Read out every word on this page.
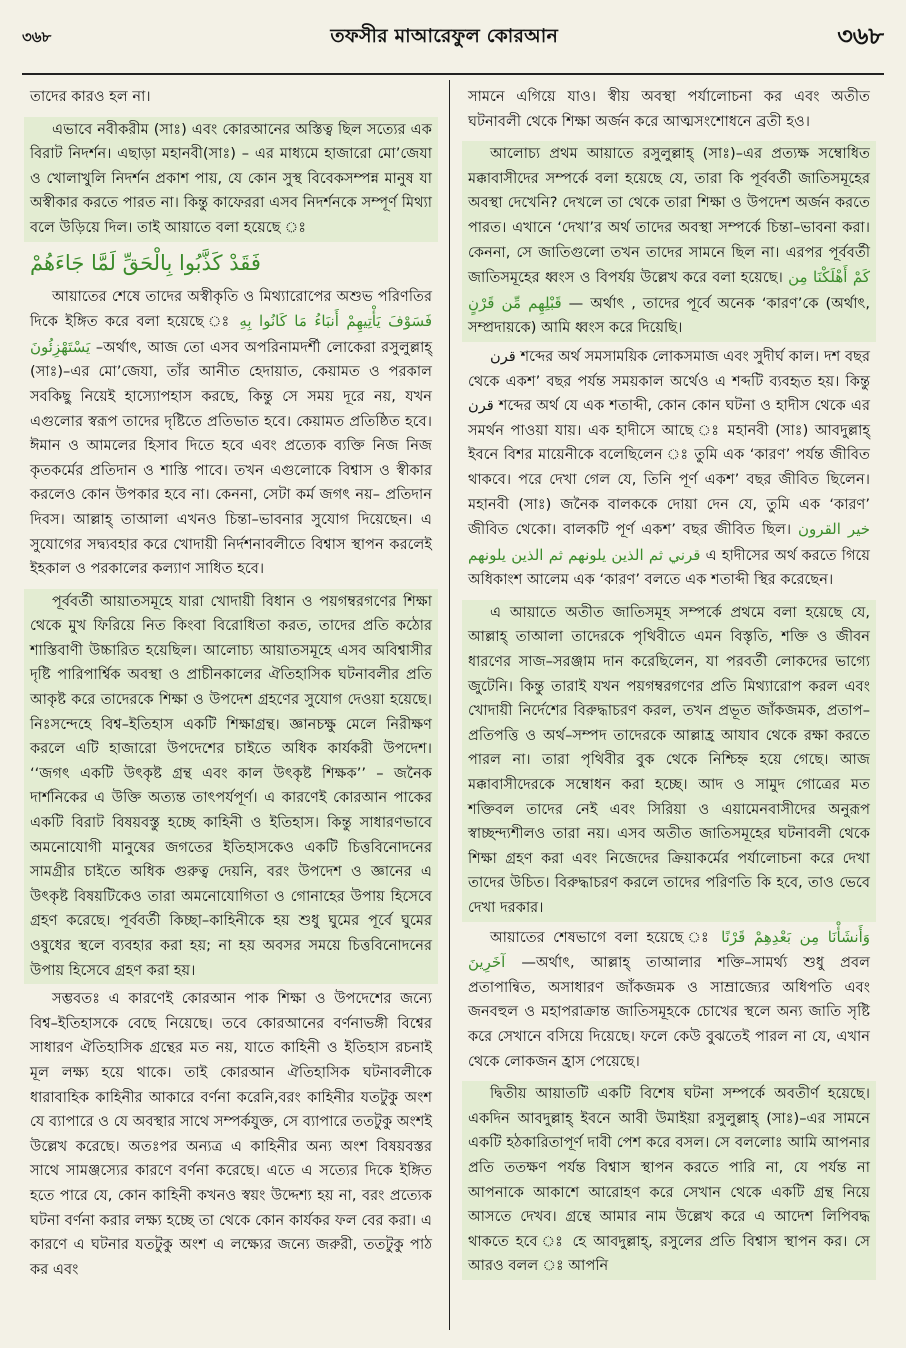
৩৬৮	তফসীর মাআরেফুল কোরআন	৩৬৮

তাদের কারও হল না।

এভাবে নবীকরীম (সাঃ) এবং কোরআনের অস্তিত্ব ছিল সত্যের এক বিরাট নিদর্শন। এছাড়া মহানবী(সাঃ) – এর মাধ্যমে হাজারো মো’জেযা ও খোলাখুলি নিদর্শন প্রকাশ পায়, যে কোন সুস্থ বিবেকসম্পন্ন মানুষ যা অস্বীকার করতে পারত না। কিন্তু কাফেররা এসব নিদর্শনকে সম্পূর্ণ মিথ্যা বলে উড়িয়ে দিল। তাই আয়াতে বলা হয়েছে ঃ

فَقَدْ كَذَّبُوا بِالْحَقِّ لَمَّا جَاءَهُمْ

আয়াতের শেষে তাদের অস্বীকৃতি ও মিথ্যারোপের অশুভ পরিণতির দিকে ইঙ্গিত করে বলা হয়েছে ঃ فَسَوْفَ يَأْتِيهِمْ أَنبَاءُ مَا كَانُوا بِهِ يَسْتَهْزِئُونَ –অর্থাৎ, আজ তো এসব অপরিনামদর্শী লোকেরা রসুলুল্লাহ্ (সাঃ)–এর মো’জেযা, তাঁর আনীত হেদায়াত, কেয়ামত ও পরকাল সবকিছু নিয়েই হাস্যোপহাস করছে, কিন্তু সে সময় দূরে নয়, যখন এগুলোর স্বরূপ তাদের দৃষ্টিতে প্রতিভাত হবে। কেয়ামত প্রতিষ্ঠিত হবে। ঈমান ও আমলের হিসাব দিতে হবে এবং প্রত্যেক ব্যক্তি নিজ নিজ কৃতকর্মের প্রতিদান ও শাস্তি পাবে। তখন এগুলোকে বিশ্বাস ও স্বীকার করলেও কোন উপকার হবে না। কেননা, সেটা কর্ম জগৎ নয়– প্রতিদান দিবস। আল্লাহ্ তাআলা এখনও চিন্তা–ভাবনার সুযোগ দিয়েছেন। এ সুযোগের সদ্ব্যবহার করে খোদায়ী নির্দশনাবলীতে বিশ্বাস স্থাপন করলেই ইহকাল ও পরকালের কল্যাণ সাধিত হবে।

পূর্ববর্তী আয়াতসমূহে যারা খোদায়ী বিধান ও পয়গম্বরগণের শিক্ষা থেকে মুখ ফিরিয়ে নিত কিংবা বিরোধিতা করত, তাদের প্রতি কঠোর শাস্তিবাণী উচ্চারিত হয়েছিল। আলোচ্য আয়াতসমূহে এসব অবিশ্বাসীর দৃষ্টি পারিপার্শ্বিক অবস্থা ও প্রাচীনকালের ঐতিহাসিক ঘটনাবলীর প্রতি আকৃষ্ট করে তাদেরকে শিক্ষা ও উপদেশ গ্রহণের সুযোগ দেওয়া হয়েছে। নিঃসন্দেহে বিশ্ব–ইতিহাস একটি শিক্ষাগ্রন্থ। জ্ঞানচক্ষু মেলে নিরীক্ষণ করলে এটি হাজারো উপদেশের চাইতে অধিক কার্যকরী উপদেশ। ‘‘জগৎ একটি উৎকৃষ্ট গ্রন্থ এবং কাল উৎকৃষ্ট শিক্ষক’’ – জনৈক দার্শনিকের এ উক্তি অত্যন্ত তাৎপর্যপূর্ণ। এ কারণেই কোরআন পাকের একটি বিরাট বিষয়বস্তু হচ্ছে কাহিনী ও ইতিহাস। কিন্তু সাধারণভাবে অমনোযোগী মানুষের জগতের ইতিহাসকেও একটি চিত্তবিনোদনের সামগ্রীর চাইতে অধিক গুরুত্ব দেয়নি, বরং উপদেশ ও জ্ঞানের এ উৎকৃষ্ট বিষয়টিকেও তারা অমনোযোগিতা ও গোনাহের উপায় হিসেবে গ্রহণ করেছে। পূর্ববর্তী কিচ্ছা–কাহিনীকে হয় শুধু ঘুমের পূর্বে ঘুমের ওষুধের স্থলে ব্যবহার করা হয়; না হয় অবসর সময়ে চিত্তবিনোদনের উপায় হিসেবে গ্রহণ করা হয়।

সম্ভবতঃ এ কারণেই কোরআন পাক শিক্ষা ও উপদেশের জন্যে বিশ্ব–ইতিহাসকে বেছে নিয়েছে। তবে কোরআনের বর্ণনাভঙ্গী বিশ্বের সাধারণ ঐতিহাসিক গ্রন্থের মত নয়, যাতে কাহিনী ও ইতিহাস রচনাই মূল লক্ষ্য হয়ে থাকে। তাই কোরআন ঐতিহাসিক ঘটনাবলীকে ধারাবাহিক কাহিনীর আকারে বর্ণনা করেনি,বরং কাহিনীর যতটুকু অংশ যে ব্যাপারে ও যে অবস্থার সাথে সম্পর্কযুক্ত, সে ব্যাপারে ততটুকু অংশই উল্লেখ করেছে। অতঃপর অন্যত্র এ কাহিনীর অন্য অংশ বিষয়বস্তর সাথে সামঞ্জস্যের কারণে বর্ণনা করেছে। এতে এ সত্যের দিকে ইঙ্গিত হতে পারে যে, কোন কাহিনী কখনও স্বয়ং উদ্দেশ্য হয় না, বরং প্রত্যেক ঘটনা বর্ণনা করার লক্ষ্য হচ্ছে তা থেকে কোন কার্যকর ফল বের করা। এ কারণে এ ঘটনার যতটুকু অংশ এ লক্ষ্যের জন্যে জরুরী, ততটুকু পাঠ কর এবং

সামনে এগিয়ে যাও। স্বীয় অবস্থা পর্যালোচনা কর এবং অতীত ঘটনাবলী থেকে শিক্ষা অর্জন করে আত্মসংশোধনে ব্রতী হও।

আলোচ্য প্রথম আয়াতে রসুলুল্লাহ্ (সাঃ)–এর প্রত্যক্ষ সম্বোধিত মক্কাবাসীদের সম্পর্কে বলা হয়েছে যে, তারা কি পূর্ববর্তী জাতিসমূহের অবস্থা দেখেনি? দেখলে তা থেকে তারা শিক্ষা ও উপদেশ অর্জন করতে পারত। এখানে ‘দেখা’র অর্থ তাদের অবস্থা সম্পর্কে চিন্তা–ভাবনা করা। কেননা, সে জাতিগুলো তখন তাদের সামনে ছিল না। এরপর পূর্ববর্তী জাতিসমূহের ধ্বংস ও বিপর্যয় উল্লেখ করে বলা হয়েছে। كَمْ أَهْلَكْنَا مِن قَبْلِهِم مِّن قَرْنٍ — অর্থাৎ , তাদের পূর্বে অনেক ‘কারণ’কে (অর্থাৎ, সম্প্রদায়কে) আমি ধ্বংস করে দিয়েছি।

قرن শব্দের অর্থ সমসাময়িক লোকসমাজ এবং সুদীর্ঘ কাল। দশ বছর থেকে একশ’ বছর পর্যন্ত সময়কাল অর্থেও এ শব্দটি ব্যবহৃত হয়। কিন্তু قرن শব্দের অর্থ যে এক শতাব্দী, কোন কোন ঘটনা ও হাদীস থেকে এর সমর্থন পাওয়া যায়। এক হাদীসে আছে ঃ মহানবী (সাঃ) আবদুল্লাহ্ ইবনে বিশর মায়েনীকে বলেছিলেন ঃ তুমি এক ‘কারণ’ পর্যন্ত জীবিত থাকবে। পরে দেখা গেল যে, তিনি পূর্ণ একশ’ বছর জীবিত ছিলেন। মহানবী (সাঃ) জনৈক বালককে দোয়া দেন যে, তুমি এক ‘কারণ’ জীবিত থেকো। বালকটি পূর্ণ একশ’ বছর জীবিত ছিল। خير القرون قرني ثم الذين يلونهم ثم الذين يلونهم এ হাদীসের অর্থ করতে গিয়ে অধিকাংশ আলেম এক ‘কারণ’ বলতে এক শতাব্দী স্থির করেছেন।

এ আয়াতে অতীত জাতিসমূহ সম্পর্কে প্রথমে বলা হয়েছে যে, আল্লাহ্ তাআলা তাদেরকে পৃথিবীতে এমন বিস্তৃতি, শক্তি ও জীবন ধারণের সাজ–সরঞ্জাম দান করেছিলেন, যা পরবর্তী লোকদের ভাগ্যে জুটেনি। কিন্তু তারাই যখন পয়গম্বরগণের প্রতি মিথ্যারোপ করল এবং খোদায়ী নির্দেশের বিরুদ্ধাচরণ করল, তখন প্রভূত জাঁকজমক, প্রতাপ–প্রতিপত্তি ও অর্থ–সম্পদ তাদেরকে আল্লাহ্র আযাব থেকে রক্ষা করতে পারল না। তারা পৃথিবীর বুক থেকে নিশ্চিহ্ন হয়ে গেছে। আজ মক্কাবাসীদেরকে সম্বোধন করা হচ্ছে। আদ ও সামুদ গোত্রের মত শক্তিবল তাদের নেই এবং সিরিয়া ও এয়ামেনবাসীদের অনুরূপ স্বাচ্ছন্দ্যশীলও তারা নয়। এসব অতীত জাতিসমূহের ঘটনাবলী থেকে শিক্ষা গ্রহণ করা এবং নিজেদের ক্রিয়াকর্মের পর্যালোচনা করে দেখা তাদের উচিত। বিরুদ্ধাচরণ করলে তাদের পরিণতি কি হবে, তাও ভেবে দেখা দরকার।

আয়াতের শেষভাগে বলা হয়েছে ঃ وَأَنشَأْنَا مِن بَعْدِهِمْ قَرْنًا آخَرِينَ —অর্থাৎ, আল্লাহ্ তাআলার শক্তি–সামর্থ্য শুধু প্রবল প্রতাপান্বিত, অসাধারণ জাঁকজমক ও সাম্রাজ্যের অধিপতি এবং জনবহুল ও মহাপরাক্রান্ত জাতিসমূহকে চোখের স্থলে অন্য জাতি সৃষ্টি করে সেখানে বসিয়ে দিয়েছে। ফলে কেউ বুঝতেই পারল না যে, এখান থেকে লোকজন হ্রাস পেয়েছে।

দ্বিতীয় আয়াতটি একটি বিশেষ ঘটনা সম্পর্কে অবতীর্ণ হয়েছে। একদিন আবদুল্লাহ্ ইবনে আবী উমাইয়া রসুলুল্লাহ্ (সাঃ)–এর সামনে একটি হঠকারিতাপূর্ণ দাবী পেশ করে বসল। সে বললোঃ আমি আপনার প্রতি ততক্ষণ পর্যন্ত বিশ্বাস স্থাপন করতে পারি না, যে পর্যন্ত না আপনাকে আকাশে আরোহণ করে সেখান থেকে একটি গ্রন্থ নিয়ে আসতে দেখব। গ্রন্থে আমার নাম উল্লেখ করে এ আদেশ লিপিবদ্ধ থাকতে হবে ঃ হে আবদুল্লাহ্, রসুলের প্রতি বিশ্বাস স্থাপন কর। সে আরও বলল ঃ আপনি
